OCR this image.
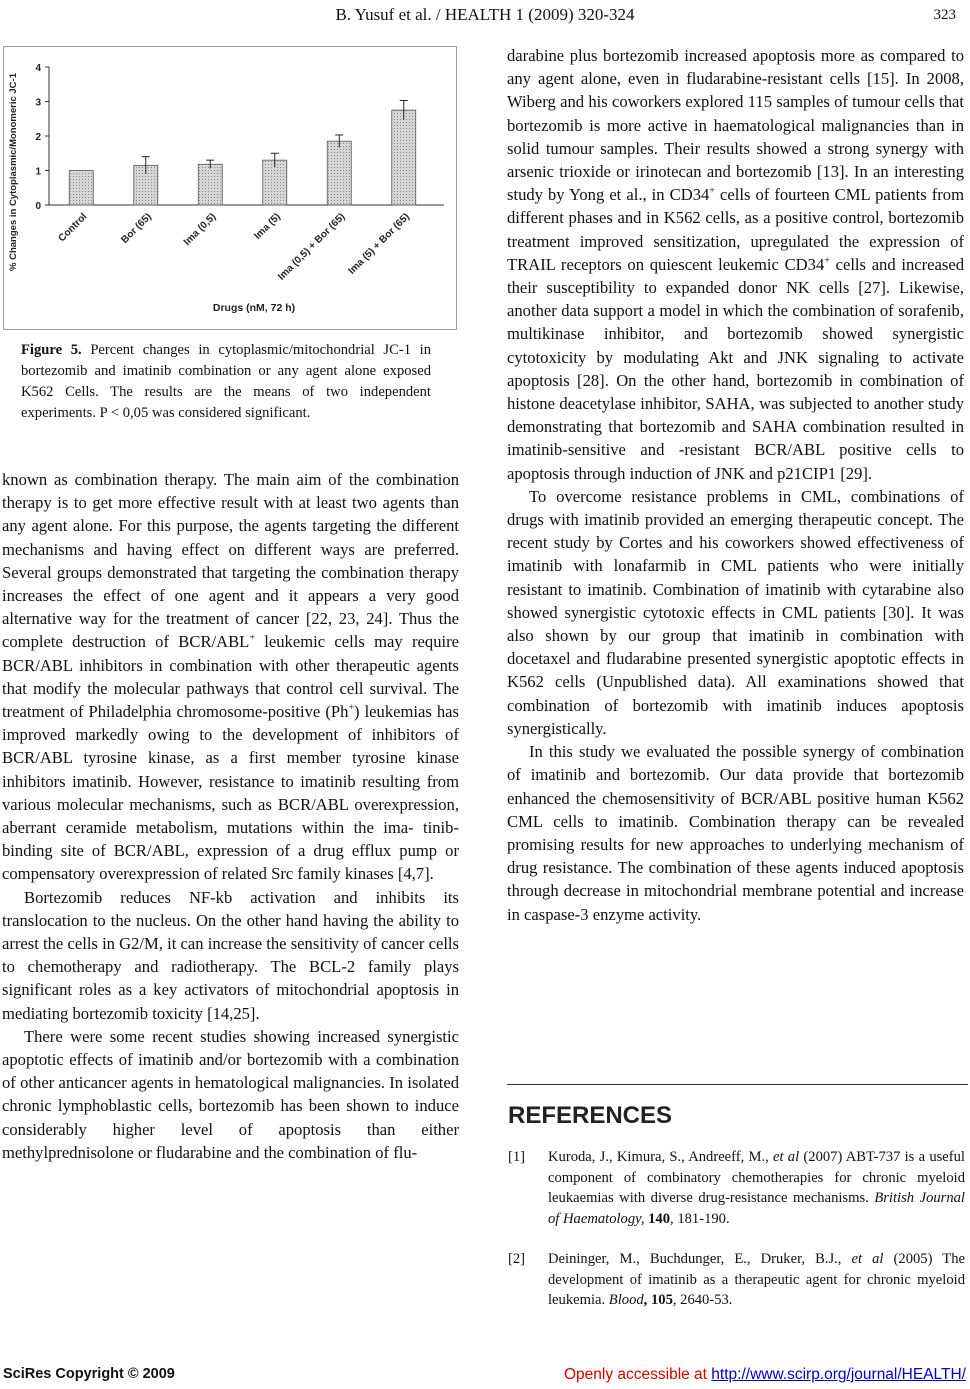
B. Yusuf et al. / HEALTH 1 (2009) 320-324	323
0
1
2
3
4
Control	Bor (65)	Ima (0,5)	Ima (5)
Ima (0,5) + Bor (65) Ima (5) + Bor (65)
% Changes in Cytoplasmic/Monomeric JC-1
Drugs (nM, 72 h)
Figure 5. Percent changes in cytoplasmic/mitochondrial JC-1 in bortezomib and imatinib combination or any agent alone exposed K562 Cells. The results are the means of two independent experiments. P < 0,05 was considered significant.

known as combination therapy. The main aim of the combination therapy is to get more effective result with at least two agents than any agent alone. For this purpose, the agents targeting the different mechanisms and having effect on different ways are preferred. Several groups demonstrated that targeting the combination therapy increases the effect of one agent and it appears a very good alternative way for the treatment of cancer [22, 23, 24]. Thus the complete destruction of BCR/ABL+ leukemic cells may require BCR/ABL inhibitors in combination with other therapeutic agents that modify the molecular pathways that control cell survival. The treatment of Philadelphia chromosome-positive (Ph+) leukemias has improved markedly owing to the development of inhibitors of BCR/ABL tyrosine kinase, as a first member tyrosine kinase inhibitors imatinib. However, resistance to imatinib resulting from various molecular mechanisms, such as BCR/ABL overexpression, aberrant ceramide metabolism, mutations within the ima- tinib-binding site of BCR/ABL, expression of a drug efflux pump or compensatory overexpression of related Src family kinases [4,7].

Bortezomib reduces NF-kb activation and inhibits its translocation to the nucleus. On the other hand having the ability to arrest the cells in G2/M, it can increase the sensitivity of cancer cells to chemotherapy and radiotherapy. The BCL-2 family plays significant roles as a key activators of mitochondrial apoptosis in mediating bortezomib toxicity [14,25].

There were some recent studies showing increased synergistic apoptotic effects of imatinib and/or bortezomib with a combination of other anticancer agents in hematological malignancies. In isolated chronic lymphoblastic cells, bortezomib has been shown to induce considerably higher level of apoptosis than either methylprednisolone or fludarabine and the combination of flu-

darabine plus bortezomib increased apoptosis more as compared to any agent alone, even in fludarabine-resistant cells [15]. In 2008, Wiberg and his coworkers explored 115 samples of tumour cells that bortezomib is more active in haematological malignancies than in solid tumour samples. Their results showed a strong synergy with arsenic trioxide or irinotecan and bortezomib [13]. In an interesting study by Yong et al., in CD34+ cells of fourteen CML patients from different phases and in K562 cells, as a positive control, bortezomib treatment improved sensitization, upregulated the expression of TRAIL receptors on quiescent leukemic CD34+ cells and increased their susceptibility to expanded donor NK cells [27]. Likewise, another data support a model in which the combination of sorafenib, multikinase inhibitor, and bortezomib showed synergistic cytotoxicity by modulating Akt and JNK signaling to activate apoptosis [28]. On the other hand, bortezomib in combination of histone deacetylase inhibitor, SAHA, was subjected to another study demonstrating that bortezomib and SAHA combination resulted in imatinib-sensitive and -resistant BCR/ABL positive cells to apoptosis through induction of JNK and p21CIP1 [29].

To overcome resistance problems in CML, combinations of drugs with imatinib provided an emerging therapeutic concept. The recent study by Cortes and his coworkers showed effectiveness of imatinib with lonafarmib in CML patients who were initially resistant to imatinib. Combination of imatinib with cytarabine also showed synergistic cytotoxic effects in CML patients [30]. It was also shown by our group that imatinib in combination with docetaxel and fludarabine presented synergistic apoptotic effects in K562 cells (Unpublished data). All examinations showed that combination of bortezomib with imatinib induces apoptosis synergistically.

In this study we evaluated the possible synergy of combination of imatinib and bortezomib. Our data provide that bortezomib enhanced the chemosensitivity of BCR/ABL positive human K562 CML cells to imatinib. Combination therapy can be revealed promising results for new approaches to underlying mechanism of drug resistance. The combination of these agents induced apoptosis through decrease in mitochondrial membrane potential and increase in caspase-3 enzyme activity.

REFERENCES
[1] Kuroda, J., Kimura, S., Andreeff, M., et al (2007) ABT-737 is a useful component of combinatory chemotherapies for chronic myeloid leukaemias with diverse drug-resistance mechanisms. British Journal of Haematology, 140, 181-190.
[2] Deininger, M., Buchdunger, E., Druker, B.J., et al (2005) The development of imatinib as a therapeutic agent for chronic myeloid leukemia. Blood, 105, 2640-53.
SciRes Copyright © 2009	Openly accessible at http://www.scirp.org/journal/HEALTH/
